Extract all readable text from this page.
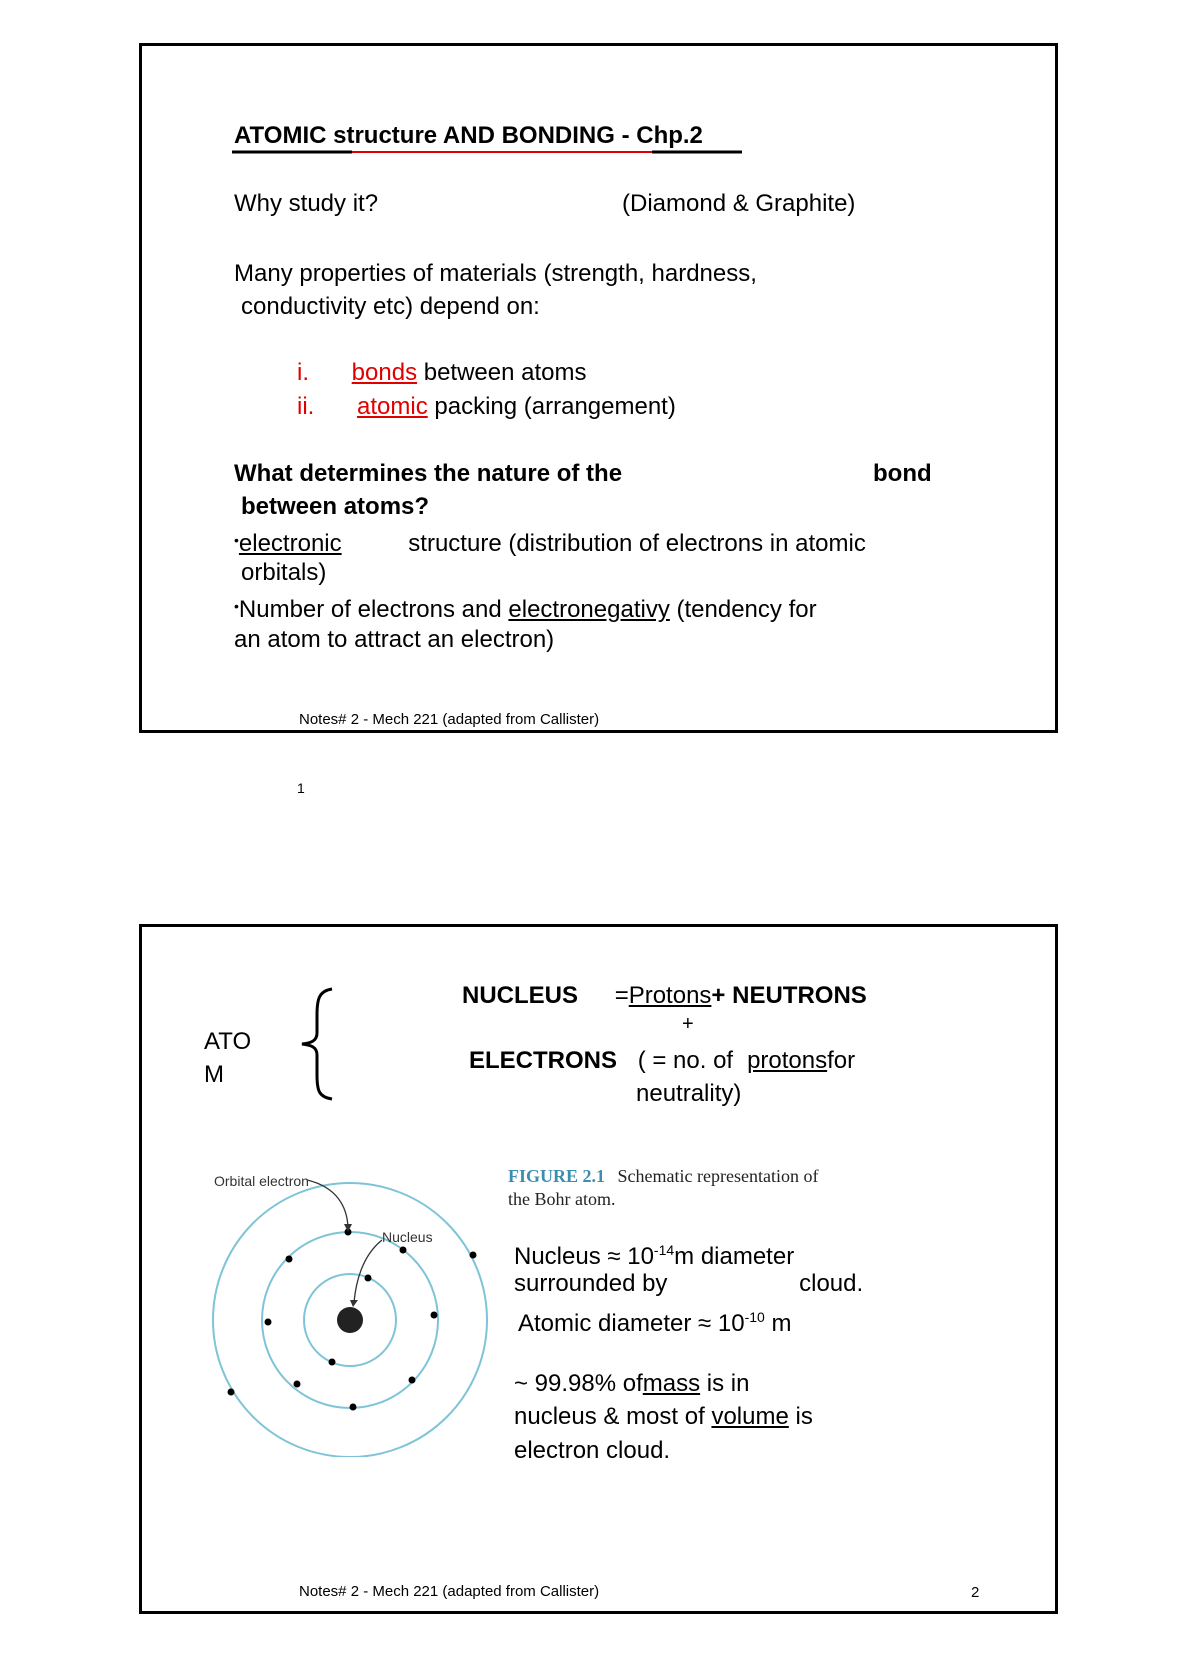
ATOMIC structure AND BONDING - Chp.2
Why study it?	(Diamond & Graphite)
Many properties of materials (strength, hardness,
conductivity etc) depend on:
i. bonds between atoms
ii. atomic packing (arrangement)
What determines the nature of the	bond
between atoms?
•electronic	structure (distribution of electrons in atomic
orbitals)
•Number of electrons and electronegativy (tendency for
an atom to attract an electron)
Notes# 2 - Mech 221 (adapted from Callister)
1
ATO
M
NUCLEUS =Protons+ NEUTRONS
+
ELECTRONS ( = no. of protonsfor
neutrality)
Orbital electron
Nucleus
FIGURE 2.1 Schematic representation of
the Bohr atom.
Nucleus ≈ $10^{-14}m$ diameter
surrounded by	cloud.
Atomic diameter ≈ $10^{-10}$ m
~ 99.98% ofmass is in
nucleus & most of volume is
electron cloud.
Notes# 2 - Mech 221 (adapted from Callister)	2
